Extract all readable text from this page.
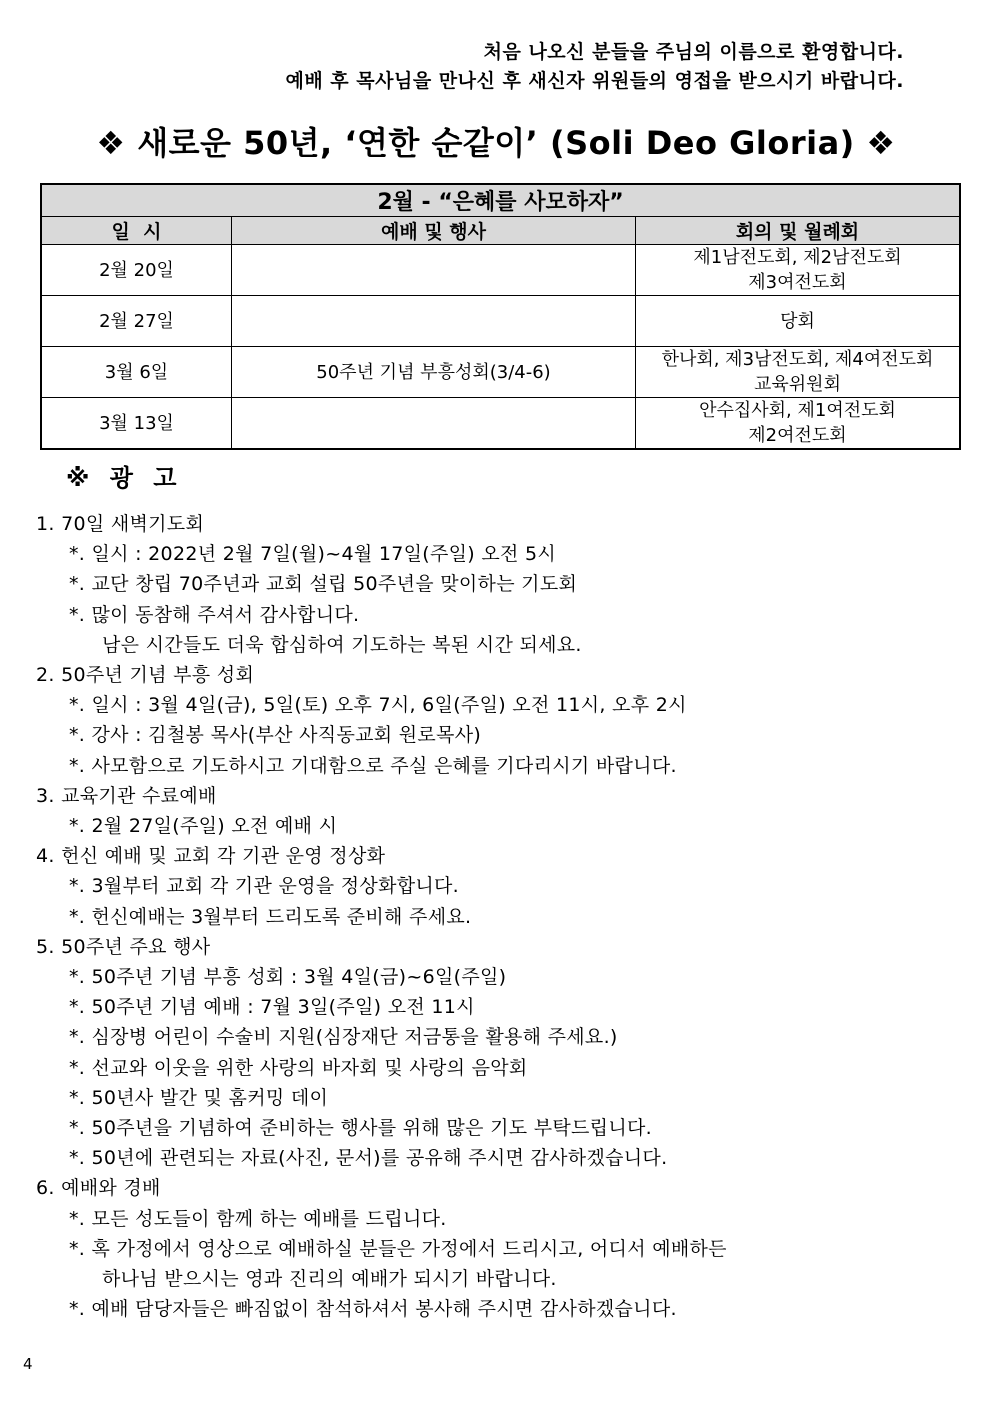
처음 나오신 분들을 주님의 이름으로 환영합니다.
예배 후 목사님을 만나신 후 새신자 위원들의 영접을 받으시기 바랍니다.
❖ 새로운 50년, ‘연한 순같이’ (Soli Deo Gloria) ❖
2월 - “은혜를 사모하자”		
일  시	예배 및 행사	회의 및 월례회
2월 20일		제1남전도회, 제2남전도회
제3여전도회

2월 27일		당회

3월 6일	50주년 기념 부흥성회(3/4-6)	한나회, 제3남전도회, 제4여전도회
교육위원회

3월 13일		안수집사회, 제1여전도회
제2여전도회
※ 광 고
1. 70일 새벽기도회
*. 일시 : 2022년 2월 7일(월)~4월 17일(주일) 오전 5시
*. 교단 창립 70주년과 교회 설립 50주년을 맞이하는 기도회
*. 많이 동참해 주셔서 감사합니다.
남은 시간들도 더욱 합심하여 기도하는 복된 시간 되세요.
2. 50주년 기념 부흥 성회
*. 일시 : 3월 4일(금), 5일(토) 오후 7시, 6일(주일) 오전 11시, 오후 2시
*. 강사 : 김철봉 목사(부산 사직동교회 원로목사)
*. 사모함으로 기도하시고 기대함으로 주실 은혜를 기다리시기 바랍니다.
3. 교육기관 수료예배
*. 2월 27일(주일) 오전 예배 시
4. 헌신 예배 및 교회 각 기관 운영 정상화
*. 3월부터 교회 각 기관 운영을 정상화합니다.
*. 헌신예배는 3월부터 드리도록 준비해 주세요.
5. 50주년 주요 행사
*. 50주년 기념 부흥 성회 : 3월 4일(금)~6일(주일)
*. 50주년 기념 예배 : 7월 3일(주일) 오전 11시
*. 심장병 어린이 수술비 지원(심장재단 저금통을 활용해 주세요.)
*. 선교와 이웃을 위한 사랑의 바자회 및 사랑의 음악회
*. 50년사 발간 및 홈커밍 데이
*. 50주년을 기념하여 준비하는 행사를 위해 많은 기도 부탁드립니다.
*. 50년에 관련되는 자료(사진, 문서)를 공유해 주시면 감사하겠습니다.
6. 예배와 경배
*. 모든 성도들이 함께 하는 예배를 드립니다.
*. 혹 가정에서 영상으로 예배하실 분들은 가정에서 드리시고, 어디서 예배하든
하나님 받으시는 영과 진리의 예배가 되시기 바랍니다.
*. 예배 담당자들은 빠짐없이 참석하셔서 봉사해 주시면 감사하겠습니다.
4
